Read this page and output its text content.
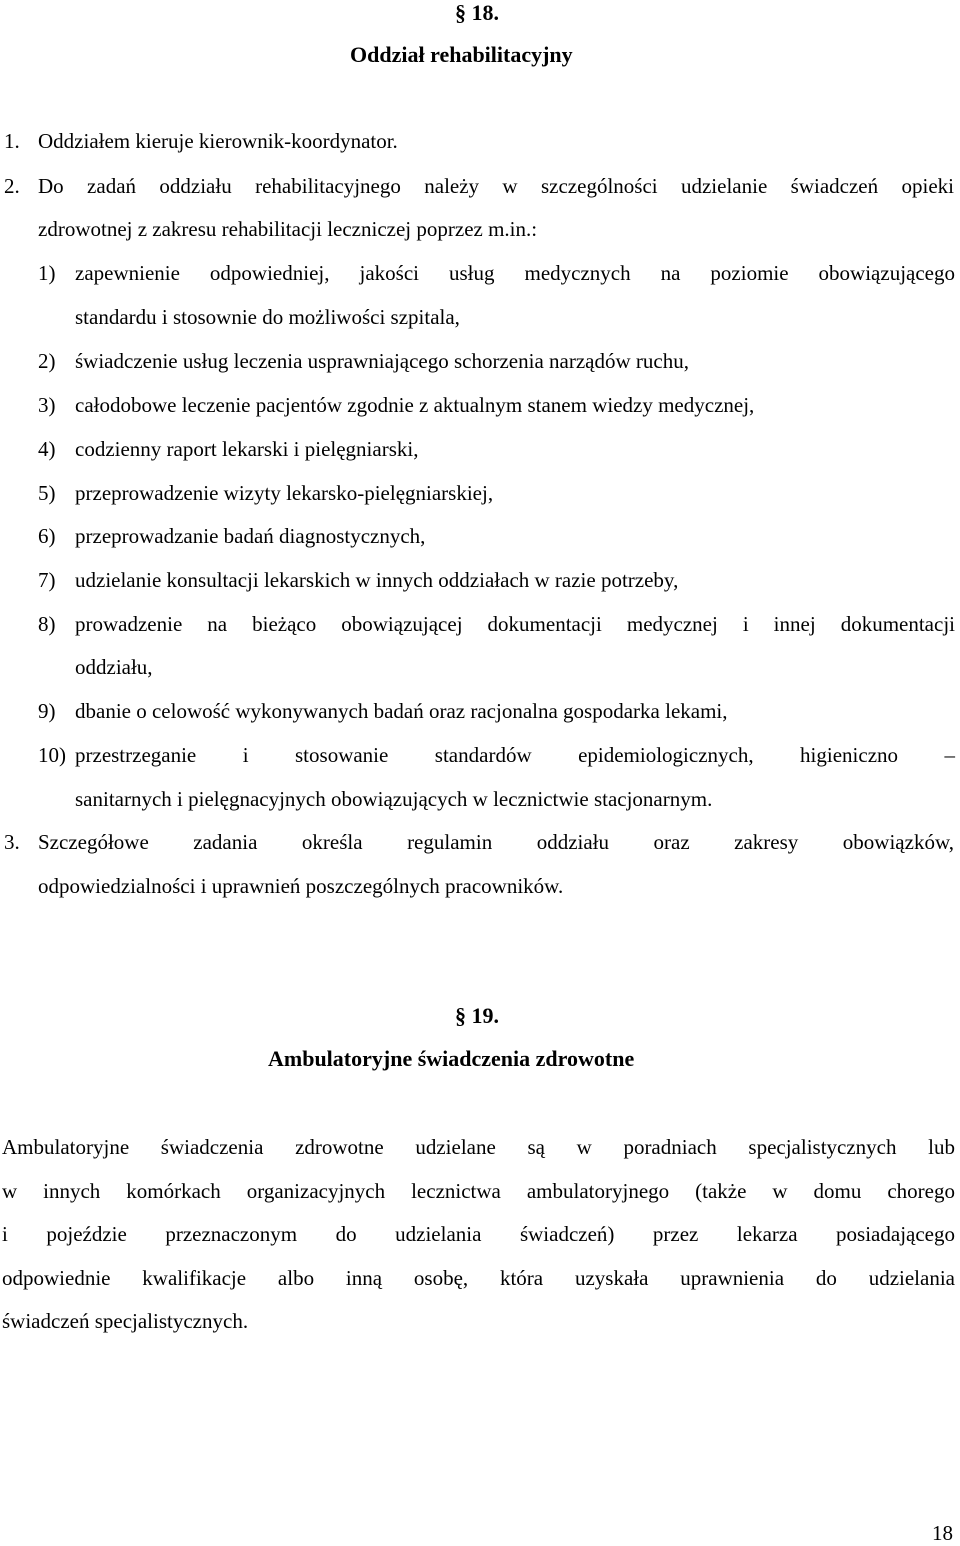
§ 18.
Oddział rehabilitacyjny
1. Oddziałem kieruje kierownik-koordynator.
2. Do zadań oddziału rehabilitacyjnego należy w szczególności udzielanie świadczeń opieki
zdrowotnej z zakresu rehabilitacji leczniczej poprzez m.in.:
1) zapewnienie odpowiedniej, jakości usług medycznych na poziomie obowiązującego
standardu i stosownie do możliwości szpitala,
2) świadczenie usług leczenia usprawniającego schorzenia narządów ruchu,
3) całodobowe leczenie pacjentów zgodnie z aktualnym stanem wiedzy medycznej,
4) codzienny raport lekarski i pielęgniarski,
5) przeprowadzenie wizyty lekarsko-pielęgniarskiej,
6) przeprowadzanie badań diagnostycznych,
7) udzielanie konsultacji lekarskich w innych oddziałach w razie potrzeby,
8) prowadzenie na bieżąco obowiązującej dokumentacji medycznej i innej dokumentacji
oddziału,
9) dbanie o celowość wykonywanych badań oraz racjonalna gospodarka lekami,
10) przestrzeganie i stosowanie standardów epidemiologicznych, higieniczno –
sanitarnych i pielęgnacyjnych obowiązujących w lecznictwie stacjonarnym.
3. Szczegółowe zadania określa regulamin oddziału oraz zakresy obowiązków,
odpowiedzialności i uprawnień poszczególnych pracowników.
§ 19.
Ambulatoryjne świadczenia zdrowotne
Ambulatoryjne świadczenia zdrowotne udzielane są w poradniach specjalistycznych lub
w innych komórkach organizacyjnych lecznictwa ambulatoryjnego (także w domu chorego
i pojeździe przeznaczonym do udzielania świadczeń) przez lekarza posiadającego
odpowiednie kwalifikacje albo inną osobę, która uzyskała uprawnienia do udzielania
świadczeń specjalistycznych.
18
